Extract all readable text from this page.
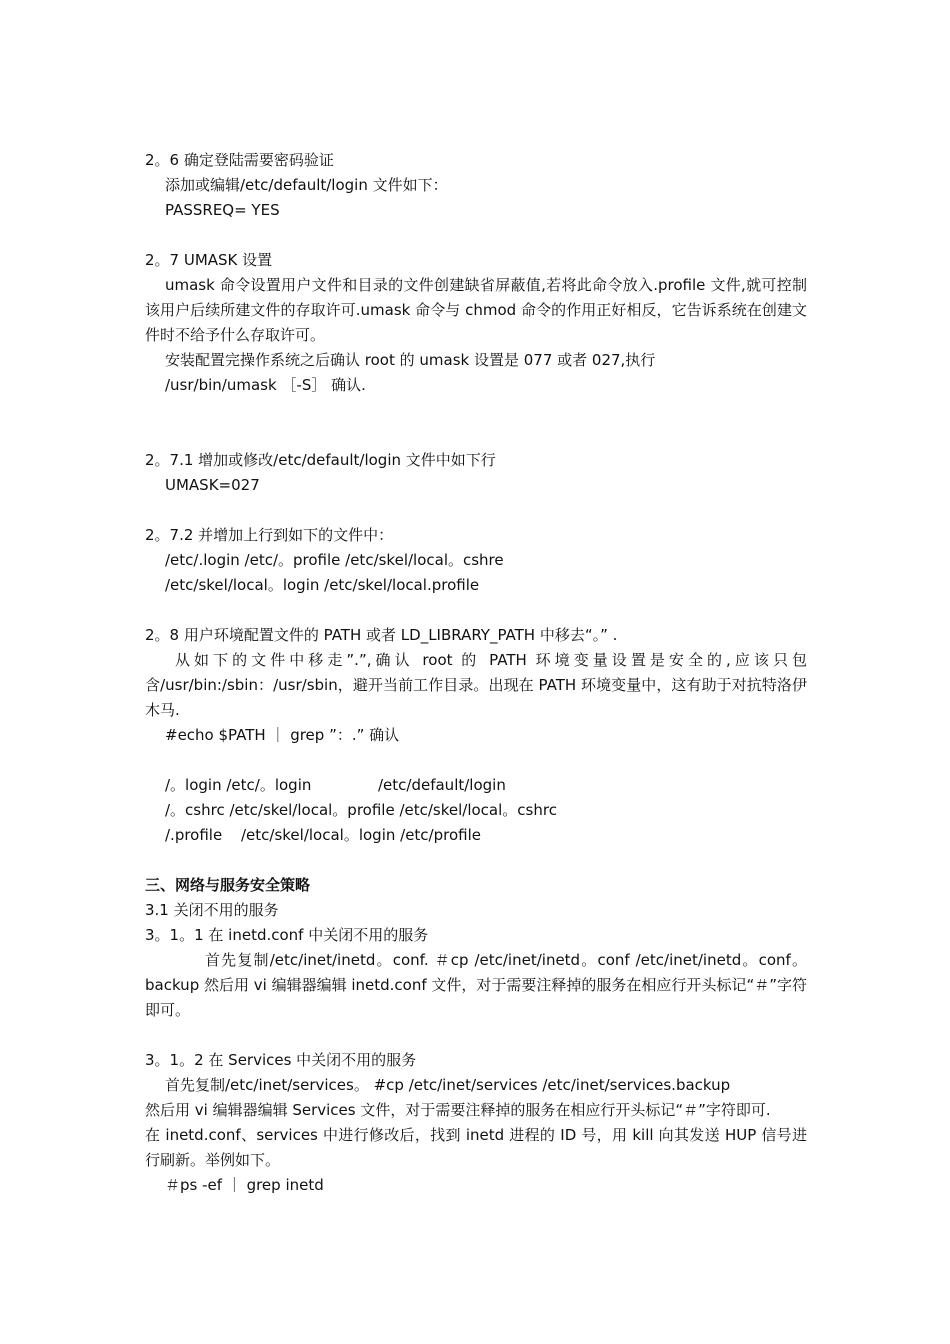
2。6 确定登陆需要密码验证
添加或编辑/etc/default/login 文件如下：
PASSREQ= YES
2。7 UMASK 设置
umask 命令设置用户文件和目录的文件创建缺省屏蔽值,若将此命令放入.profile 文件,就可控制该用户后续所建文件的存取许可.umask 命令与 chmod 命令的作用正好相反，它告诉系统在创建文件时不给予什么存取许可。
安装配置完操作系统之后确认 root 的 umask 设置是 077 或者 027,执行
/usr/bin/umask ［-S］ 确认.
2。7.1 增加或修改/etc/default/login 文件中如下行
UMASK=027
2。7.2 并增加上行到如下的文件中：
/etc/.login /etc/。profile /etc/skel/local。cshre
/etc/skel/local。login /etc/skel/local.profile
2。8 用户环境配置文件的 PATH 或者 LD_LIBRARY_PATH 中移去“。” .
从如下的文件中移走”.”,确认 root 的 PATH 环境变量设置是安全的,应该只包含/usr/bin:/sbin：/usr/sbin，避开当前工作目录。出现在 PATH 环境变量中，这有助于对抗特洛伊木马.
#echo $PATH ｜ grep ”：.” 确认
/。login /etc/。login	/etc/default/login
/。cshrc /etc/skel/local。profile /etc/skel/local。cshrc
/.profile /etc/skel/local。login /etc/profile
三、网络与服务安全策略
3.1 关闭不用的服务
3。1。1 在 inetd.conf 中关闭不用的服务
首先复制/etc/inet/inetd。conf. ＃cp /etc/inet/inetd。conf /etc/inet/inetd。conf。backup 然后用 vi 编辑器编辑 inetd.conf 文件，对于需要注释掉的服务在相应行开头标记“＃”字符即可。
3。1。2 在 Services 中关闭不用的服务
首先复制/etc/inet/services。 #cp /etc/inet/services /etc/inet/services.backup
然后用 vi 编辑器编辑 Services 文件，对于需要注释掉的服务在相应行开头标记“＃”字符即可.
在 inetd.conf、services 中进行修改后，找到 inetd 进程的 ID 号，用 kill 向其发送 HUP 信号进行刷新。举例如下。
＃ps -ef ｜ grep inetd
